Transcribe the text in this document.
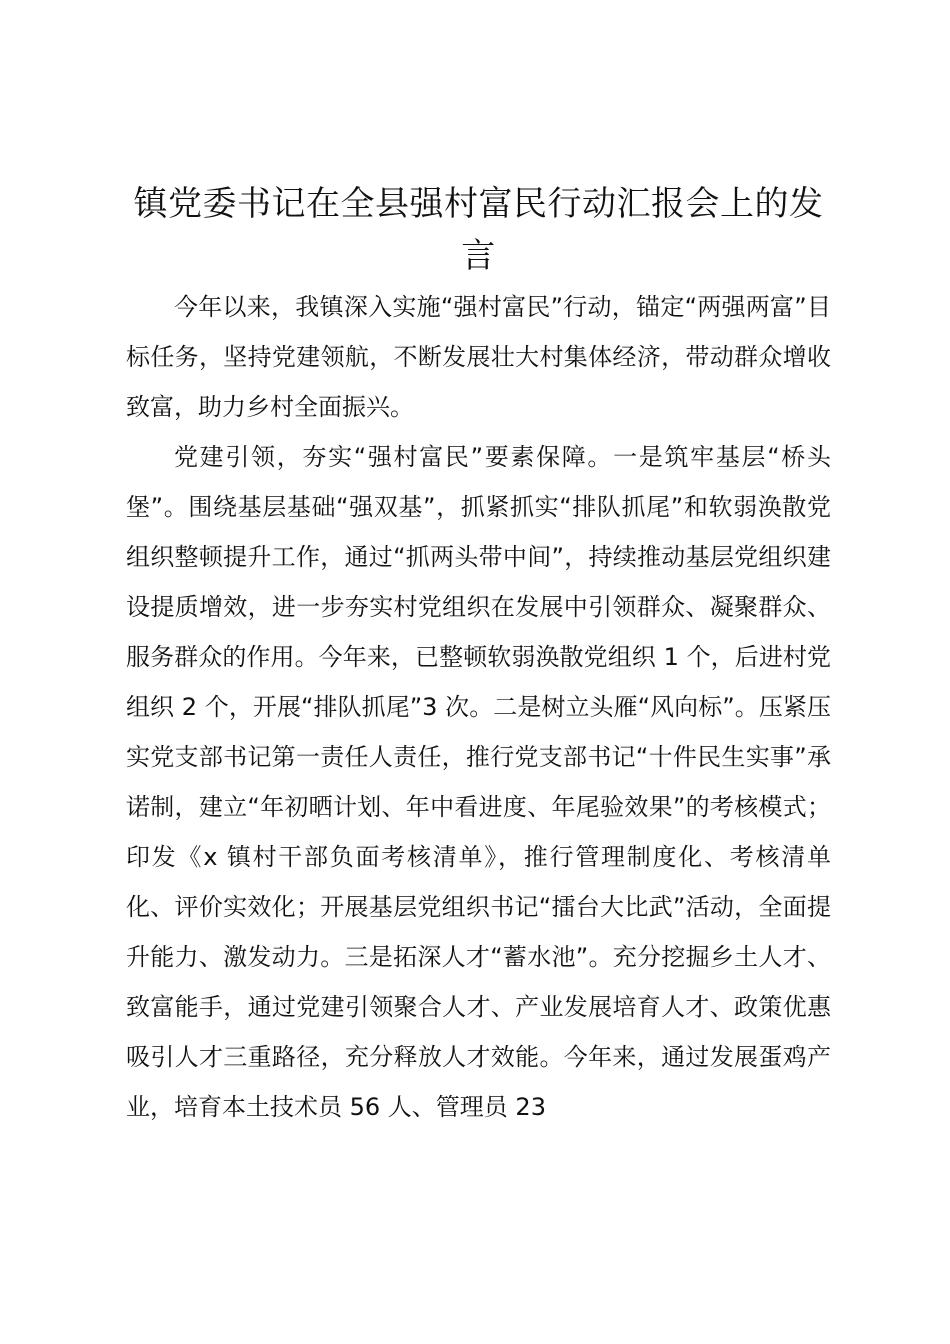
镇党委书记在全县强村富民行动汇报会上的发言

今年以来，我镇深入实施“强村富民”行动，锚定“两强两富”目标任务，坚持党建领航，不断发展壮大村集体经济，带动群众增收致富，助力乡村全面振兴。

党建引领，夯实“强村富民”要素保障。一是筑牢基层“桥头堡”。围绕基层基础“强双基”，抓紧抓实“排队抓尾”和软弱涣散党组织整顿提升工作，通过“抓两头带中间”，持续推动基层党组织建设提质增效，进一步夯实村党组织在发展中引领群众、凝聚群众、服务群众的作用。今年来，已整顿软弱涣散党组织 1 个，后进村党组织 2 个，开展“排队抓尾”3 次。二是树立头雁“风向标”。压紧压实党支部书记第一责任人责任，推行党支部书记“十件民生实事”承诺制，建立“年初晒计划、年中看进度、年尾验效果”的考核模式；印发《x 镇村干部负面考核清单》，推行管理制度化、考核清单化、评价实效化；开展基层党组织书记“擂台大比武”活动，全面提升能力、激发动力。三是拓深人才“蓄水池”。充分挖掘乡土人才、致富能手，通过党建引领聚合人才、产业发展培育人才、政策优惠吸引人才三重路径，充分释放人才效能。今年来，通过发展蛋鸡产业，培育本土技术员 56 人、管理员 23
